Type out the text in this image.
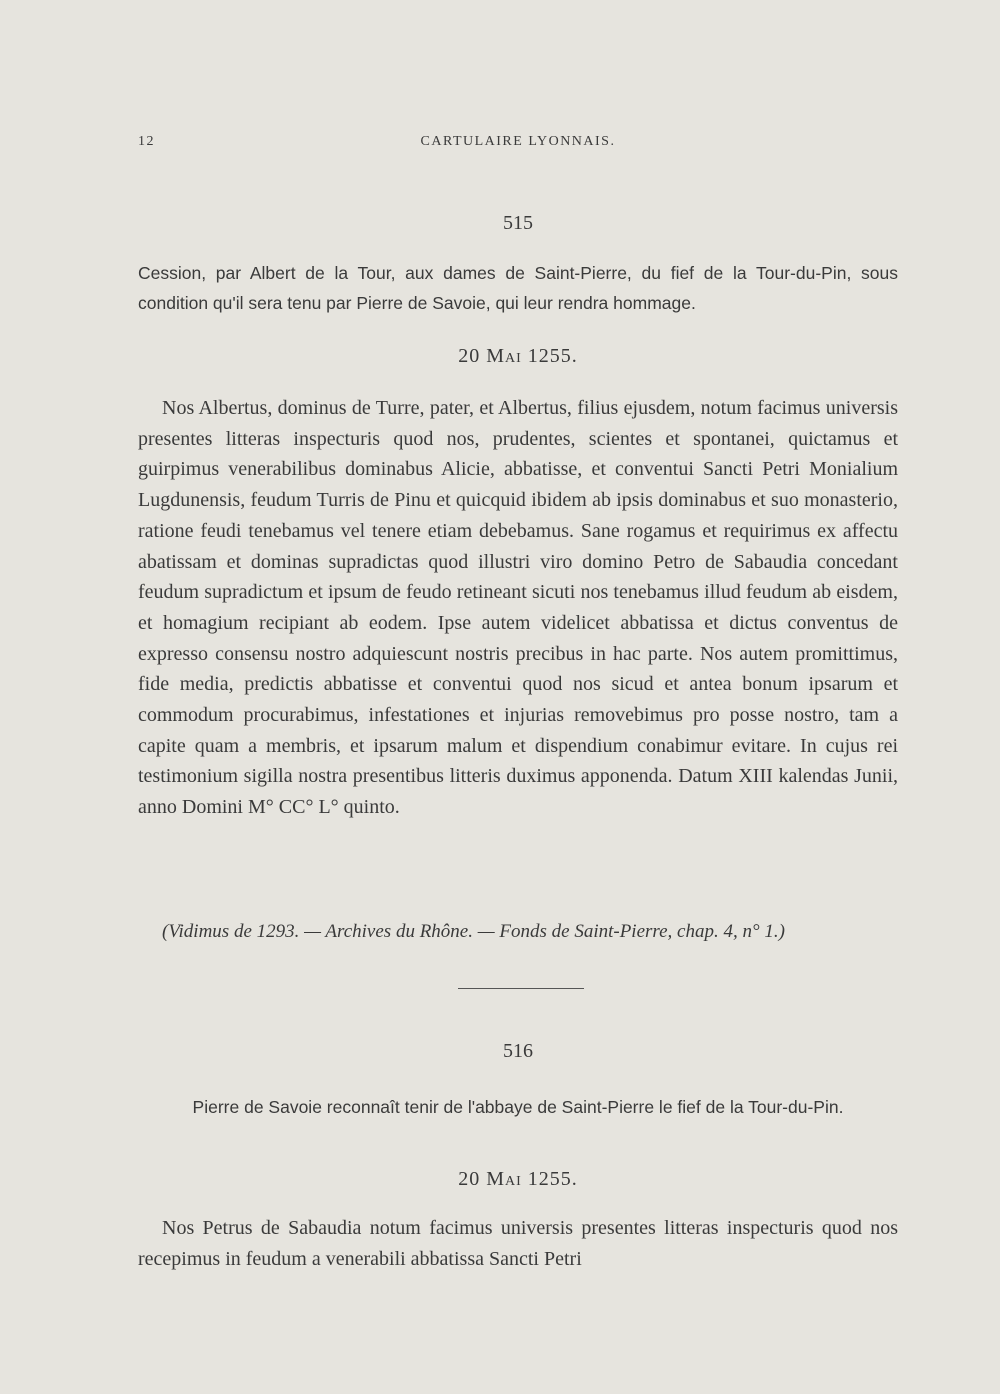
12	CARTULAIRE LYONNAIS.
515
Cession, par Albert de la Tour, aux dames de Saint-Pierre, du fief de la Tour-du-Pin, sous condition qu'il sera tenu par Pierre de Savoie, qui leur rendra hommage.
20 Mai 1255.

Nos Albertus, dominus de Turre, pater, et Albertus, filius ejusdem, notum facimus universis presentes litteras inspecturis quod nos, prudentes, scientes et spontanei, quictamus et guirpimus venerabilibus dominabus Alicie, abbatisse, et conventui Sancti Petri Monialium Lugdunensis, feudum Turris de Pinu et quicquid ibidem ab ipsis dominabus et suo monasterio, ratione feudi tenebamus vel tenere etiam debebamus. Sane rogamus et requirimus ex affectu abatissam et dominas supradictas quod illustri viro domino Petro de Sabaudia concedant feudum supradictum et ipsum de feudo retineant sicuti nos tenebamus illud feudum ab eisdem, et homagium recipiant ab eodem. Ipse autem videlicet abbatissa et dictus conventus de expresso consensu nostro adquiescunt nostris precibus in hac parte. Nos autem promittimus, fide media, predictis abbatisse et conventui quod nos sicud et antea bonum ipsarum et commodum procurabimus, infestationes et injurias removebimus pro posse nostro, tam a capite quam a membris, et ipsarum malum et dispendium conabimur evitare. In cujus rei testimonium sigilla nostra presentibus litteris duximus apponenda. Datum XIII kalendas Junii, anno Domini M° CC° L° quinto.

(Vidimus de 1293. — Archives du Rhône. — Fonds de Saint-Pierre, chap. 4, n° 1.)
516
Pierre de Savoie reconnaît tenir de l'abbaye de Saint-Pierre le fief de la Tour-du-Pin.
20 Mai 1255.

Nos Petrus de Sabaudia notum facimus universis presentes litteras inspecturis quod nos recepimus in feudum a venerabili abbatissa Sancti Petri
